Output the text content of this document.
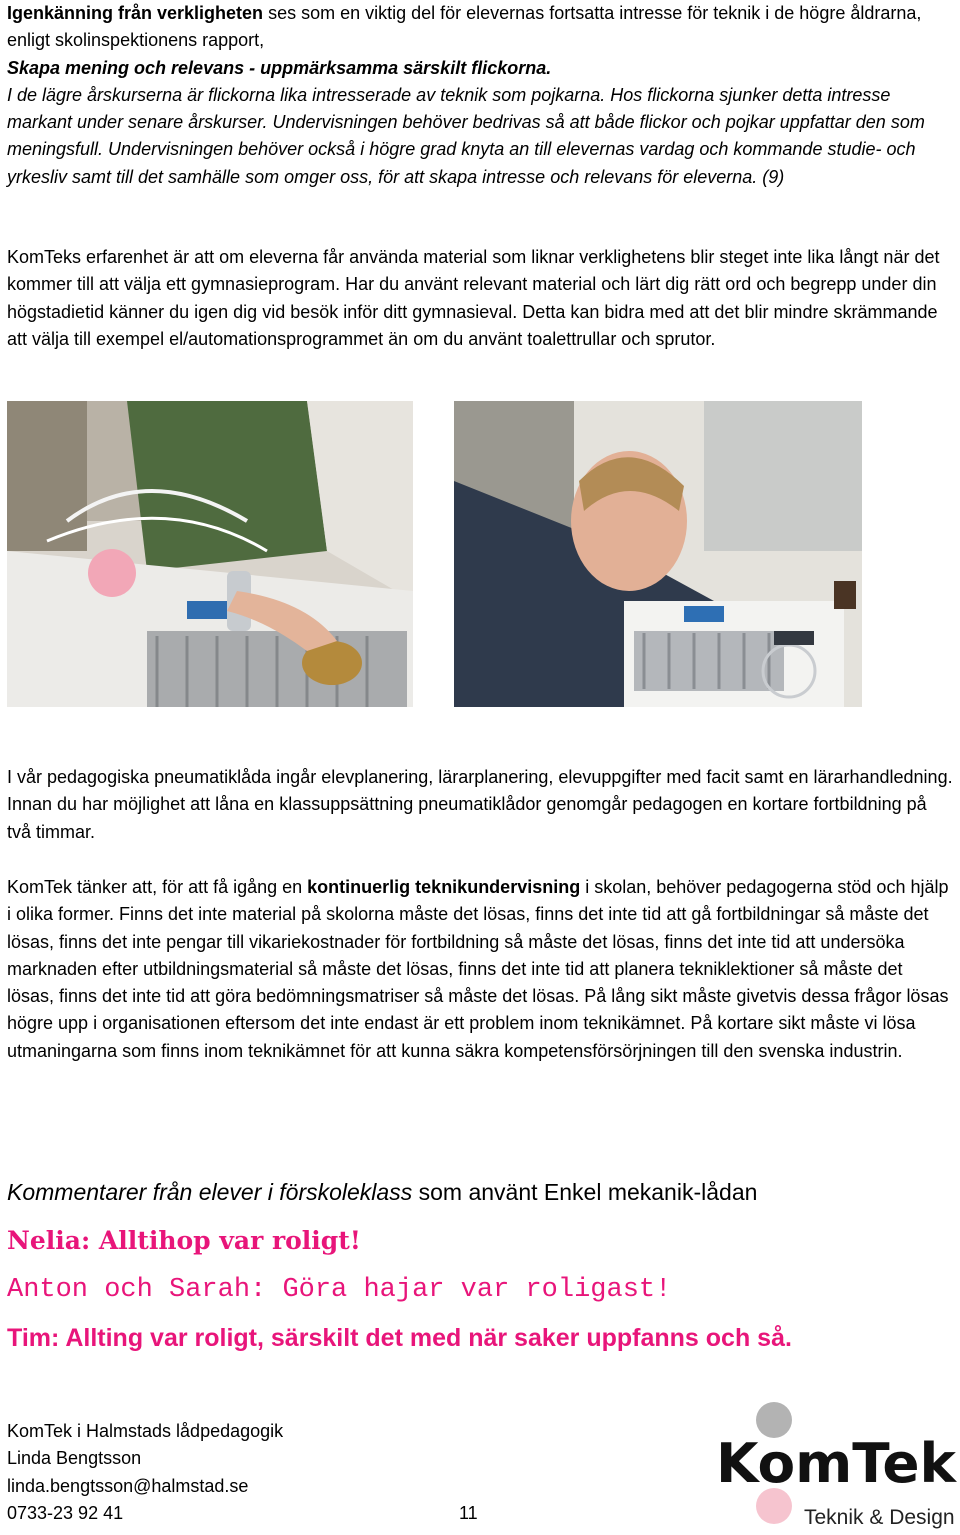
Igenkänning från verkligheten ses som en viktig del för elevernas fortsatta intresse för teknik i de högre åldrarna, enligt skolinspektionens rapport,
Skapa mening och relevans - uppmärksamma särskilt flickorna.
I de lägre årskurserna är flickorna lika intresserade av teknik som pojkarna. Hos flickorna sjunker detta intresse markant under senare årskurser. Undervisningen behöver bedrivas så att både flickor och pojkar uppfattar den som meningsfull. Undervisningen behöver också i högre grad knyta an till elevernas vardag och kommande studie- och yrkesliv samt till det samhälle som omger oss, för att skapa intresse och relevans för eleverna. (9)
KomTeks erfarenhet är att om eleverna får använda material som liknar verklighetens blir steget inte lika långt när det kommer till att välja ett gymnasieprogram. Har du använt relevant material och lärt dig rätt ord och begrepp under din högstadietid känner du igen dig vid besök inför ditt gymnasieval. Detta kan bidra med att det blir mindre skrämmande att välja till exempel el/automationsprogrammet än om du använt toalettrullar och sprutor.
I vår pedagogiska pneumatiklåda ingår elevplanering, lärarplanering, elevuppgifter med facit samt en lärarhandledning. Innan du har möjlighet att låna en klassuppsättning pneumatiklådor genomgår pedagogen en kortare fortbildning på två timmar.
KomTek tänker att, för att få igång en kontinuerlig teknikundervisning i skolan, behöver pedagogerna stöd och hjälp i olika former. Finns det inte material på skolorna måste det lösas, finns det inte tid att gå fortbildningar så måste det lösas, finns det inte pengar till vikariekostnader för fortbildning så måste det lösas, finns det inte tid att undersöka marknaden efter utbildningsmaterial så måste det lösas, finns det inte tid att planera tekniklektioner så måste det lösas, finns det inte tid att göra bedömningsmatriser så måste det lösas. På lång sikt måste givetvis dessa frågor lösas högre upp i organisationen eftersom det inte endast är ett problem inom teknikämnet. På kortare sikt måste vi lösa utmaningarna som finns inom teknikämnet för att kunna säkra kompetensförsörjningen till den svenska industrin.
Kommentarer från elever i förskoleklass som använt Enkel mekanik-lådan
Nelia: Alltihop var roligt!
Anton och Sarah: Göra hajar var roligast!
Tim: Allting var roligt, särskilt det med när saker uppfanns och så.
KomTek i Halmstads lådpedagogik
Linda Bengtsson
linda.bengtsson@halmstad.se
0733-23 92 41	11
KomTek
Teknik & Design
